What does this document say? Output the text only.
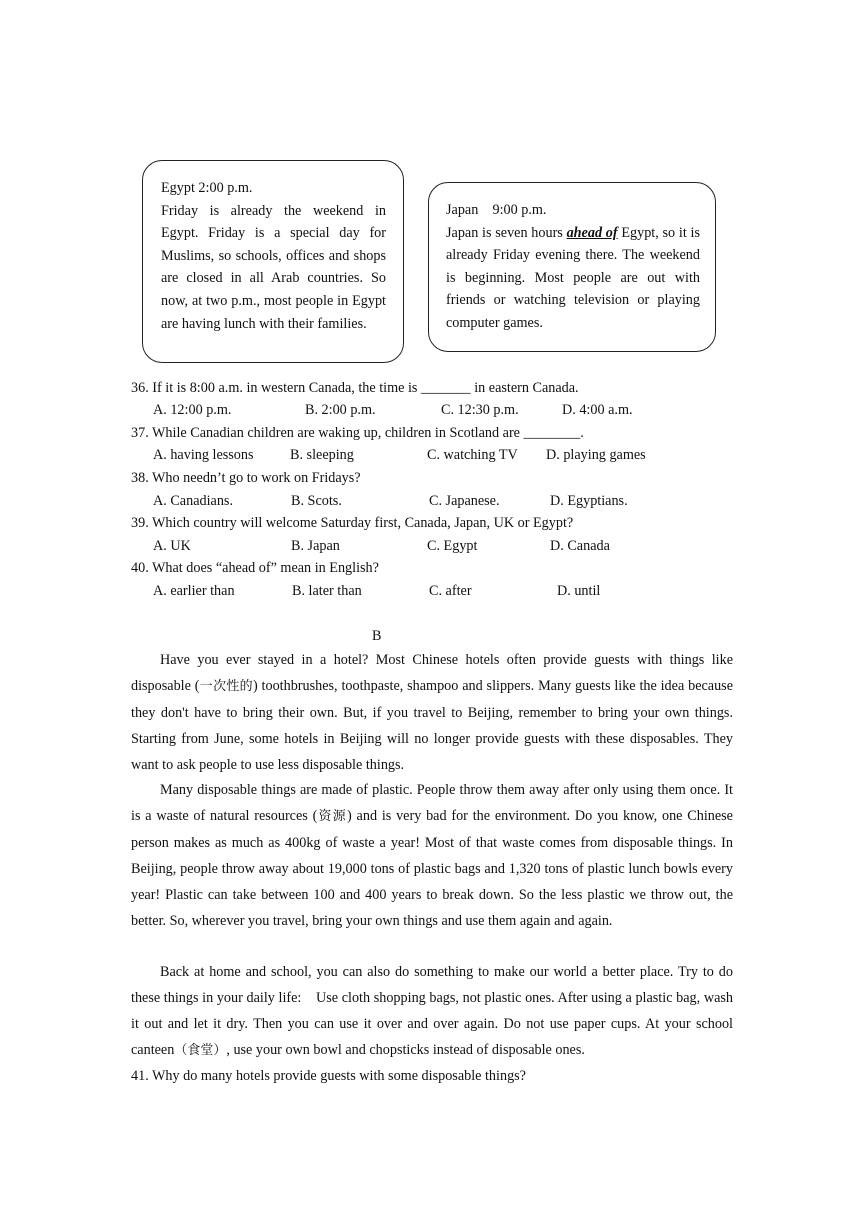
Egypt 2:00 p.m.

Friday is already the weekend in Egypt. Friday is a special day for Muslims, so schools, offices and shops are closed in all Arab countries. So now, at two p.m., most people in Egypt are having lunch with their families.

Japan    9:00 p.m.

Japan is seven hours ahead of Egypt, so it is already Friday evening there. The weekend is beginning. Most people are out with friends or watching television or playing computer games.

36. If it is 8:00 a.m. in western Canada, the time is _______ in eastern Canada.
A. 12:00 p.m.	B. 2:00 p.m.	C. 12:30 p.m.	D. 4:00 a.m.
37. While Canadian children are waking up, children in Scotland are ________.
A. having lessons	B. sleeping	C. watching TV D. playing games
38. Who needn’t go to work on Fridays?
A. Canadians.	B. Scots.	C. Japanese.	D. Egyptians.
39. Which country will welcome Saturday first, Canada, Japan, UK or Egypt?
A. UK	B. Japan	C. Egypt	D. Canada
40. What does “ahead of” mean in English?
A. earlier than	B. later than	C. after	D. until
B

Have you ever stayed in a hotel? Most Chinese hotels often provide guests with things like disposable (一次性的) toothbrushes, toothpaste, shampoo and slippers. Many guests like the idea because they don't have to bring their own. But, if you travel to Beijing, remember to bring your own things. Starting from June, some hotels in Beijing will no longer provide guests with these disposables. They want to ask people to use less disposable things.

Many disposable things are made of plastic. People throw them away after only using them once. It is a waste of natural resources (资源) and is very bad for the environment. Do you know, one Chinese person makes as much as 400kg of waste a year! Most of that waste comes from disposable things. In Beijing, people throw away about 19,000 tons of plastic bags and 1,320 tons of plastic lunch bowls every year! Plastic can take between 100 and 400 years to break down. So the less plastic we throw out, the better. So, wherever you travel, bring your own things and use them again and again.

Back at home and school, you can also do something to make our world a better place. Try to do these things in your daily life:    Use cloth shopping bags, not plastic ones. After using a plastic bag, wash it out and let it dry. Then you can use it over and over again. Do not use paper cups. At your school canteen（食堂）, use your own bowl and chopsticks instead of disposable ones.

41. Why do many hotels provide guests with some disposable things?
